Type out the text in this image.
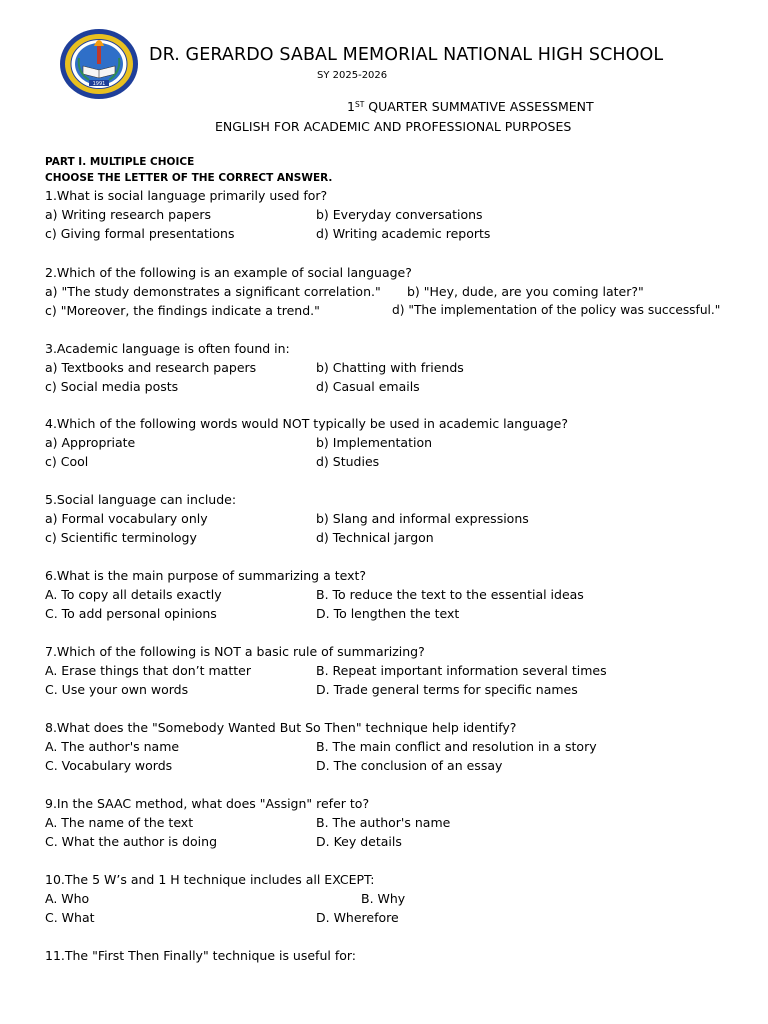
1991
DR. GERARDO SABAL MEMORIAL NATIONAL HIGH SCHOOL
SY 2025-2026
1ST QUARTER SUMMATIVE ASSESSMENT
ENGLISH FOR ACADEMIC AND PROFESSIONAL PURPOSES
PART I. MULTIPLE CHOICE
CHOOSE THE LETTER OF THE CORRECT ANSWER.
1.What is social language primarily used for?
a) Writing research papers	b) Everyday conversations
c) Giving formal presentations	d) Writing academic reports
2.Which of the following is an example of social language?
a) "The study demonstrates a significant correlation." b) "Hey, dude, are you coming later?"
c) "Moreover, the findings indicate a trend."	d) "The implementation of the policy was successful."
3.Academic language is often found in:
a) Textbooks and research papers	b) Chatting with friends
c) Social media posts	d) Casual emails
4.Which of the following words would NOT typically be used in academic language?
a) Appropriate	b) Implementation
c) Cool	d) Studies
5.Social language can include:
a) Formal vocabulary only	b) Slang and informal expressions
c) Scientific terminology	d) Technical jargon
6.What is the main purpose of summarizing a text?
A. To copy all details exactly	B. To reduce the text to the essential ideas
C. To add personal opinions	D. To lengthen the text
7.Which of the following is NOT a basic rule of summarizing?
A. Erase things that don’t matter	B. Repeat important information several times
C. Use your own words	D. Trade general terms for specific names
8.What does the "Somebody Wanted But So Then" technique help identify?
A. The author's name	B. The main conflict and resolution in a story
C. Vocabulary words	D. The conclusion of an essay
9.In the SAAC method, what does "Assign" refer to?
A. The name of the text	B. The author's name
C. What the author is doing	D. Key details
10.The 5 W’s and 1 H technique includes all EXCEPT:
A. Who	B. Why
C. What	D. Wherefore
11.The "First Then Finally" technique is useful for:
